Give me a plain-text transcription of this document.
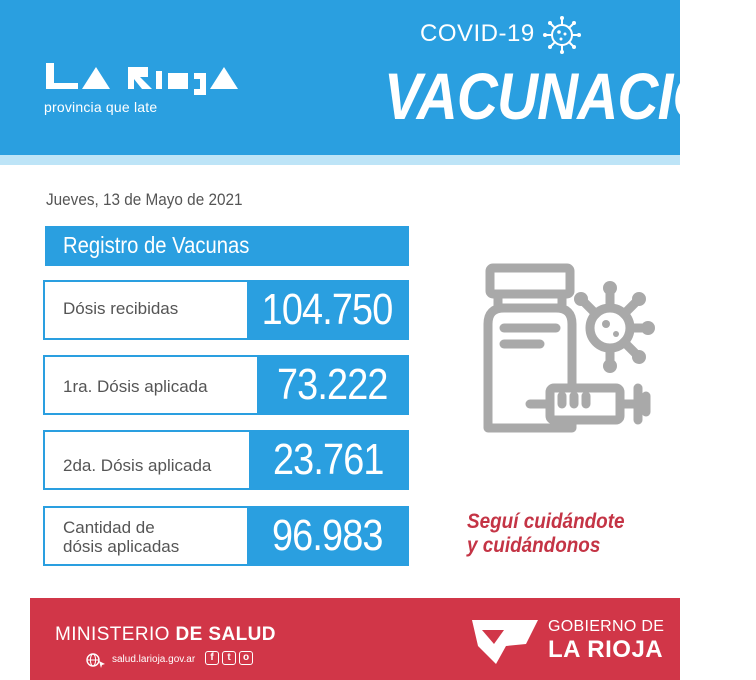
provincia que late
COVID-19
VACUNACIÓN
Jueves, 13 de Mayo de 2021
Registro de Vacunas
Dósis recibidas 104.750
1ra. Dósis aplicada 73.222
2da. Dósis aplicada 23.761
Cantidad de
dósis aplicadas 96.983	Seguí cuidándote
y cuidándonos
MINISTERIO DE SALUD
salud.larioja.gov.ar	f	t	o
GOBIERNO DE
LA RIOJA
